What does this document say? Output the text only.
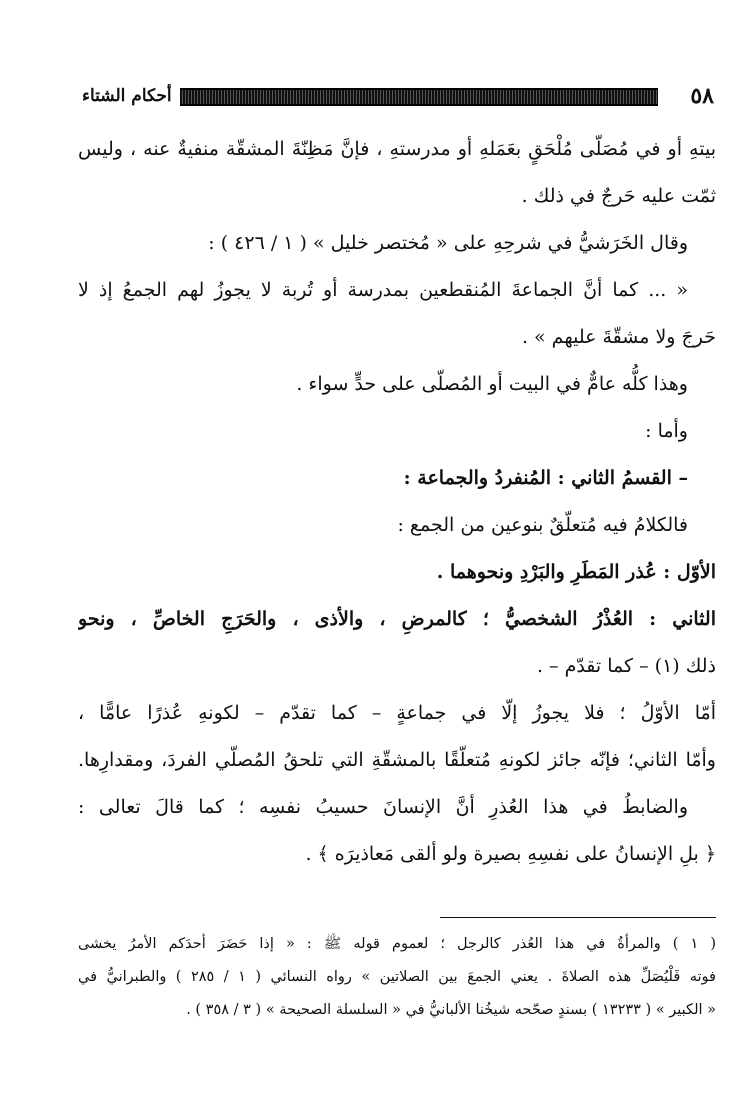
٥٨
أحكام الشتاء
بيتهِ أو في مُصَلّى مُلْحَقٍ بعَمَلهِ أو مدرستهِ ، فإنَّ مَظِنّةَ المشقّة منفيةٌ عنه ، وليس
ثمّت عليه حَرجٌ في ذلك .
وقال الخَرَشيُّ في شرحِهِ على « مُختصر خليل » ( ١ / ٤٢٦ ) :
« ... كما أنَّ الجماعةَ المُنقطعين بمدرسة أو تُربة لا يجوزُ لهم الجمعُ إذ لا
حَرجَ ولا مشقّةَ عليهم » .
وهذا كلُّه عامٌّ في البيت أو المُصلّى على حدٍّ سواء .
وأما :
– القسمُ الثاني : المُنفردُ والجماعة :
فالكلامُ فيه مُتعلّقٌ بنوعين من الجمع :
الأوّل : عُذر المَطَرِ والبَرْدِ ونحوهما .
الثاني : العُذْرُ الشخصيُّ ؛ كالمرضِ ، والأذى ، والحَرَجِ الخاصِّ ، ونحو
ذلك (١) – كما تقدّم – .
أمّا الأوّلُ ؛ فلا يجوزُ إلّا في جماعةٍ – كما تقدّم – لكونهِ عُذرًا عامًّا ،
وأمّا الثاني؛ فإنّه جائز لكونهِ مُتعلّقًا بالمشقّةِ التي تلحقُ المُصلّي الفردَ، ومقدارِها.
والضابطُ في هذا العُذرِ أنَّ الإنسانَ حسيبُ نفسِه ؛ كما قالَ تعالى :
﴿ بلِ الإنسانُ على نفسِهِ بصيرة ولو ألقى مَعاذيرَه ﴾ .
( ١ ) والمرأةُ في هذا العُذر كالرجل ؛ لعموم قوله ﷺ : « إذا حَضَرَ أحدَكم الأمرُ يخشى
فوته فَلْيُصَلِّ هذه الصلاةَ . يعني الجمعَ بين الصلاتين » رواه النسائي ( ١ / ٢٨٥ ) والطبرانيُّ في
« الكبير » ( ١٣٢٣٣ ) بسندٍ صحّحه شيخُنا الألبانيُّ في « السلسلة الصحيحة » ( ٣ / ٣٥٨ ) .
